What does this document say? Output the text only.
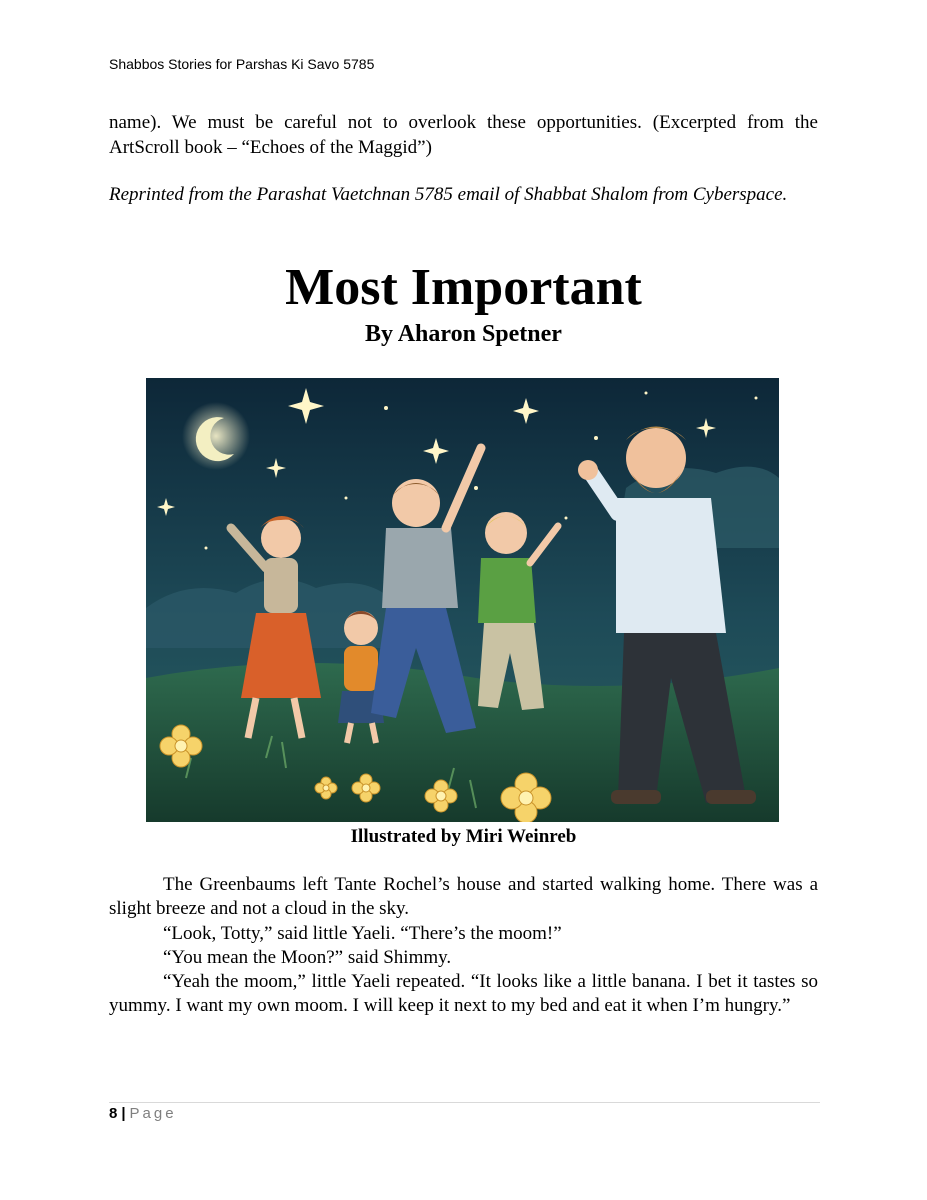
Shabbos Stories for Parshas Ki Savo 5785

name). We must be careful not to overlook these opportunities. (Excerpted from the ArtScroll book – “Echoes of the Maggid”)

Reprinted from the Parashat Vaetchnan 5785 email of Shabbat Shalom from Cyberspace.

Most Important
By Aharon Spetner
Illustrated by Miri Weinreb

The Greenbaums left Tante Rochel’s house and started walking home. There was a slight breeze and not a cloud in the sky.

“Look, Totty,” said little Yaeli. “There’s the moom!”

“You mean the Moon?” said Shimmy.

“Yeah the moom,” little Yaeli repeated. “It looks like a little banana. I bet it tastes so yummy. I want my own moom. I will keep it next to my bed and eat it when I’m hungry.”

8 | Page
